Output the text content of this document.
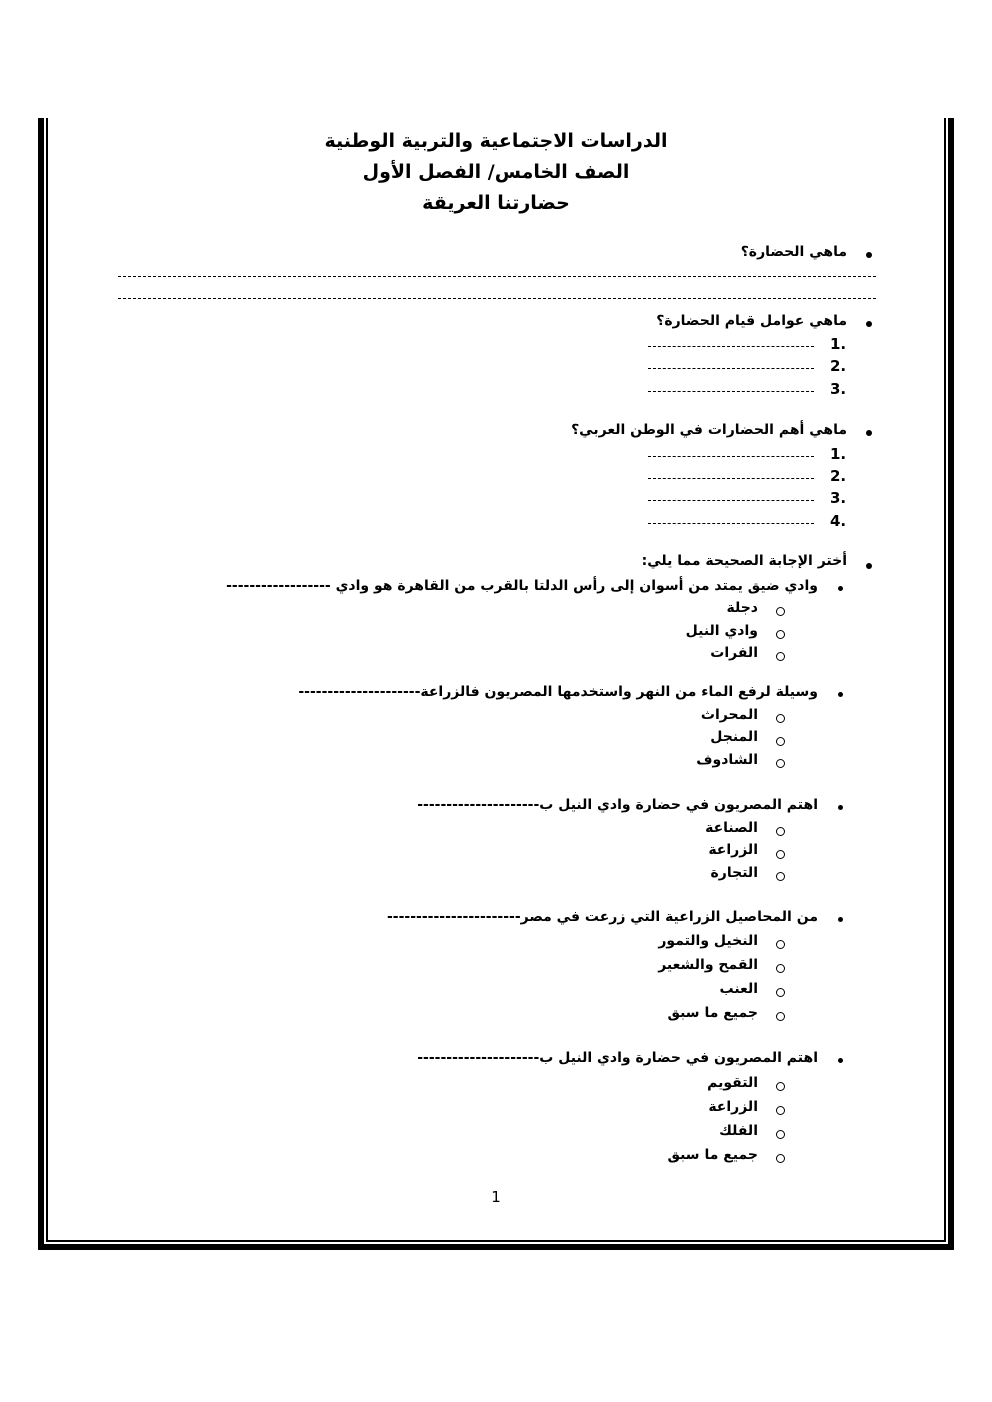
الدراسات الاجتماعية والتربية الوطنية
الصف الخامس/ الفصل الأول
حضارتنا العريقة
ماهي الحضارة؟
ماهي عوامل قيام الحضارة؟
1.
2.
3.
ماهي أهم الحضارات في الوطن العربي؟
1.
2.
3.
4.
أختر الإجابة الصحيحة مما يلي:
وادي ضيق يمتد من أسوان إلى رأس الدلتا بالقرب من القاهرة هو وادي ------------------
دجلة
وادي النيل
الفرات
وسيلة لرفع الماء من النهر واستخدمها المصريون فالزراعة---------------------
المحراث
المنجل
الشادوف
اهتم المصريون في حضارة وادي النيل ب---------------------
الصناعة
الزراعة
التجارة
من المحاصيل الزراعية التي زرعت في مصر-----------------------
النخيل والتمور
القمح والشعير
العنب
جميع ما سبق
اهتم المصريون في حضارة وادي النيل ب---------------------
التقويم
الزراعة
الفلك
جميع ما سبق
1
